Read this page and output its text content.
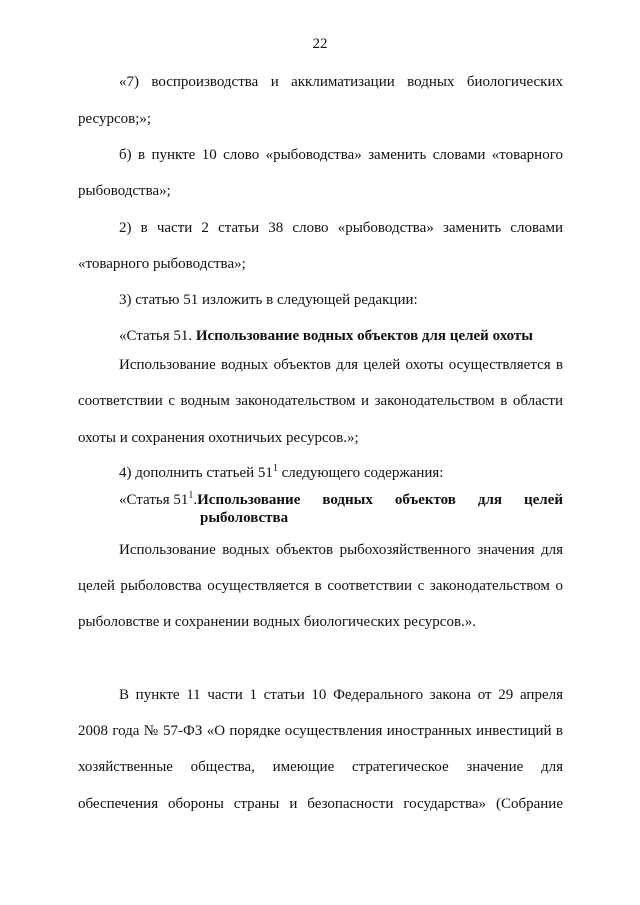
22
«7) воспроизводства и акклиматизации водных биологических
ресурсов;»;
б) в пункте 10 слово «рыбоводства» заменить словами «товарного
рыбоводства»;
2) в части 2 статьи 38 слово «рыбоводства» заменить словами
«товарного рыбоводства»;
3) статью 51 изложить в следующей редакции:
«Статья 51. Использование водных объектов для целей охоты
Использование водных объектов для целей охоты осуществляется в
соответствии с водным законодательством и законодательством в области
охоты и сохранения охотничьих ресурсов.»;
4) дополнить статьей $51^1$ следующего содержания:
«Статья $51^1$. Использование водных объектов для целей
рыболовства
Использование водных объектов рыбохозяйственного значения для
целей рыболовства осуществляется в соответствии с законодательством о
рыболовстве и сохранении водных биологических ресурсов.».
В пункте 11 части 1 статьи 10 Федерального закона от 29 апреля
2008 года № 57-ФЗ «О порядке осуществления иностранных инвестиций в
хозяйственные общества, имеющие стратегическое значение для
обеспечения обороны страны и безопасности государства» (Собрание
